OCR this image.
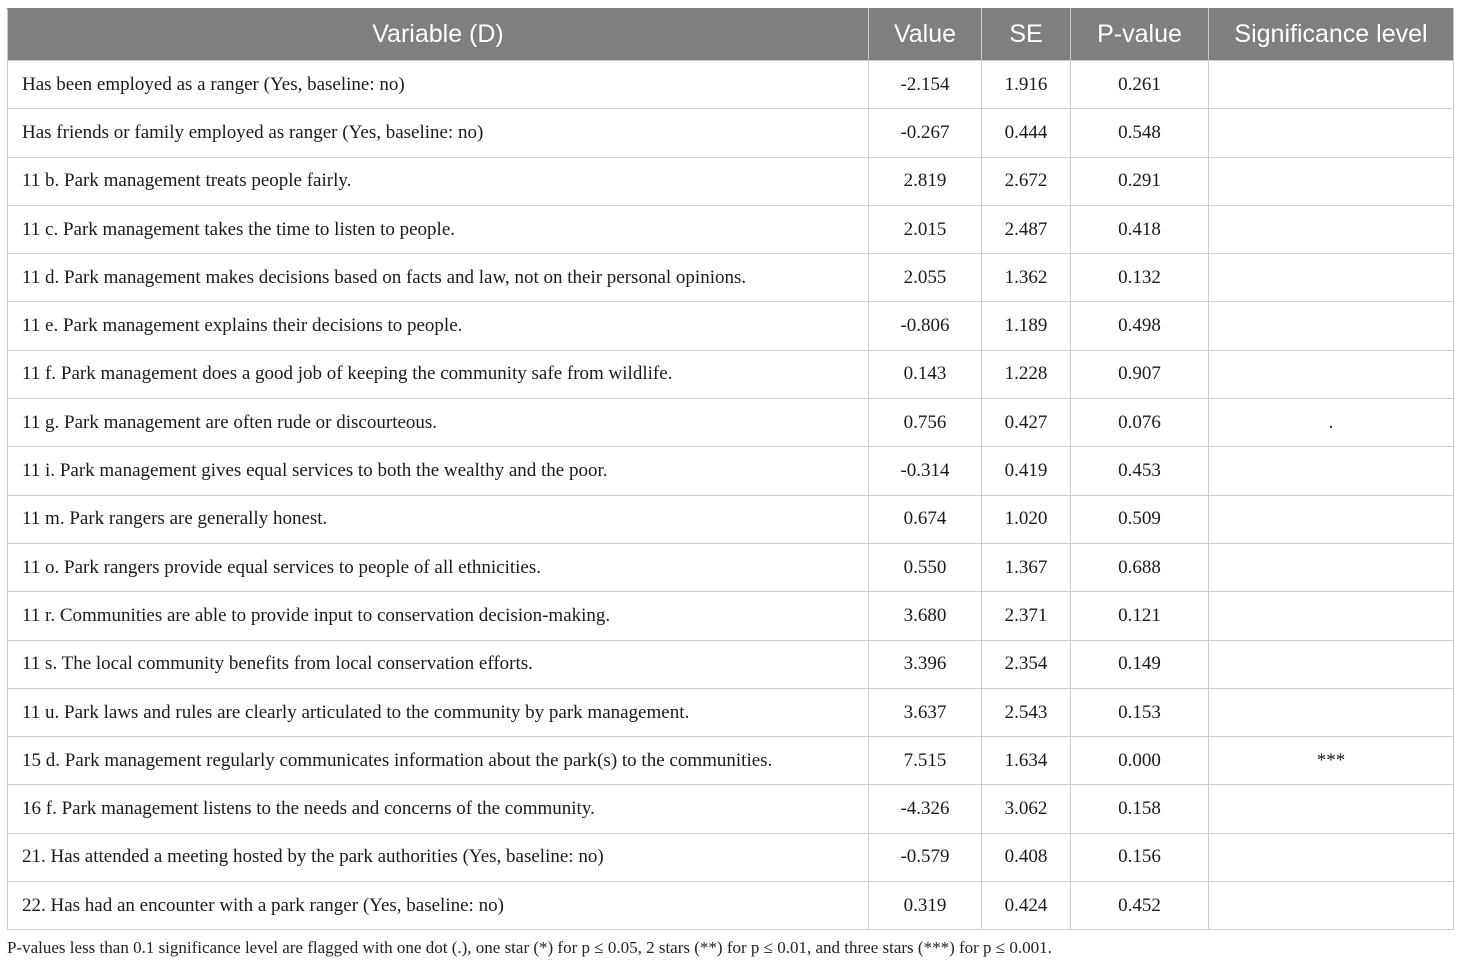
Variable (D)	Value	SE	P-value	Significance level
Has been employed as a ranger (Yes, baseline: no)	-2.154	1.916	0.261	
Has friends or family employed as ranger (Yes, baseline: no)	-0.267	0.444	0.548	
11 b. Park management treats people fairly.	2.819	2.672	0.291	
11 c. Park management takes the time to listen to people.	2.015	2.487	0.418	
11 d. Park management makes decisions based on facts and law, not on their personal opinions.	2.055	1.362	0.132	
11 e. Park management explains their decisions to people.	-0.806	1.189	0.498	
11 f. Park management does a good job of keeping the community safe from wildlife.	0.143	1.228	0.907	
11 g. Park management are often rude or discourteous.	0.756	0.427	0.076	.
11 i. Park management gives equal services to both the wealthy and the poor.	-0.314	0.419	0.453	
11 m. Park rangers are generally honest.	0.674	1.020	0.509	
11 o. Park rangers provide equal services to people of all ethnicities.	0.550	1.367	0.688	
11 r. Communities are able to provide input to conservation decision-making.	3.680	2.371	0.121	
11 s. The local community benefits from local conservation efforts.	3.396	2.354	0.149	
11 u. Park laws and rules are clearly articulated to the community by park management.	3.637	2.543	0.153	
15 d. Park management regularly communicates information about the park(s) to the communities.	7.515	1.634	0.000	***
16 f. Park management listens to the needs and concerns of the community.	-4.326	3.062	0.158	
21. Has attended a meeting hosted by the park authorities (Yes, baseline: no)	-0.579	0.408	0.156	
22. Has had an encounter with a park ranger (Yes, baseline: no)	0.319	0.424	0.452	
P-values less than 0.1 significance level are flagged with one dot (.), one star (*) for p ≤ 0.05, 2 stars (**) for p ≤ 0.01, and three stars (***) for p ≤ 0.001.
